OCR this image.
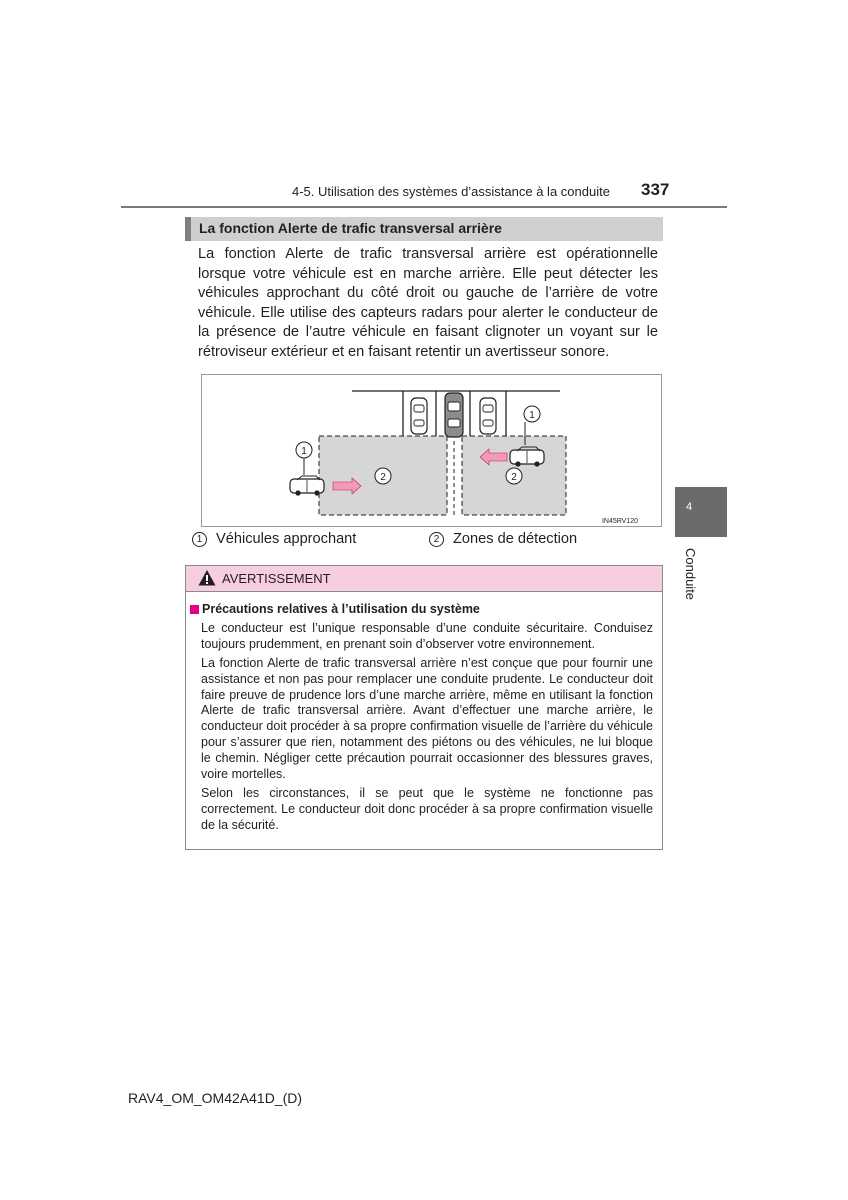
4-5. Utilisation des systèmes d’assistance à la conduite 337
4
Conduite
La fonction Alerte de trafic transversal arrière
La fonction Alerte de trafic transversal arrière est opérationnelle lorsque votre véhicule est en marche arrière. Elle peut détecter les véhicules approchant du côté droit ou gauche de l’arrière de votre véhicule. Elle utilise des capteurs radars pour alerter le conducteur de la présence de l’autre véhicule en faisant clignoter un voyant sur le rétroviseur extérieur et en faisant retentir un avertisseur sonore.
1
1
2	2
IN45RV120
1 Véhicules approchant	2 Zones de détection
AVERTISSEMENT
Précautions relatives à l’utilisation du système

Le conducteur est l’unique responsable d’une conduite sécuritaire. Conduisez toujours prudemment, en prenant soin d’observer votre environnement.

La fonction Alerte de trafic transversal arrière n’est conçue que pour fournir une assistance et non pas pour remplacer une conduite prudente. Le conducteur doit faire preuve de prudence lors d’une marche arrière, même en utilisant la fonction Alerte de trafic transversal arrière. Avant d’effectuer une marche arrière, le conducteur doit procéder à sa propre confirmation visuelle de l’arrière du véhicule pour s’assurer que rien, notamment des piétons ou des véhicules, ne lui bloque le chemin. Négliger cette précaution pourrait occasionner des blessures graves, voire mortelles.

Selon les circonstances, il se peut que le système ne fonctionne pas correctement. Le conducteur doit donc procéder à sa propre confirmation visuelle de la sécurité.

RAV4_OM_OM42A41D_(D)
